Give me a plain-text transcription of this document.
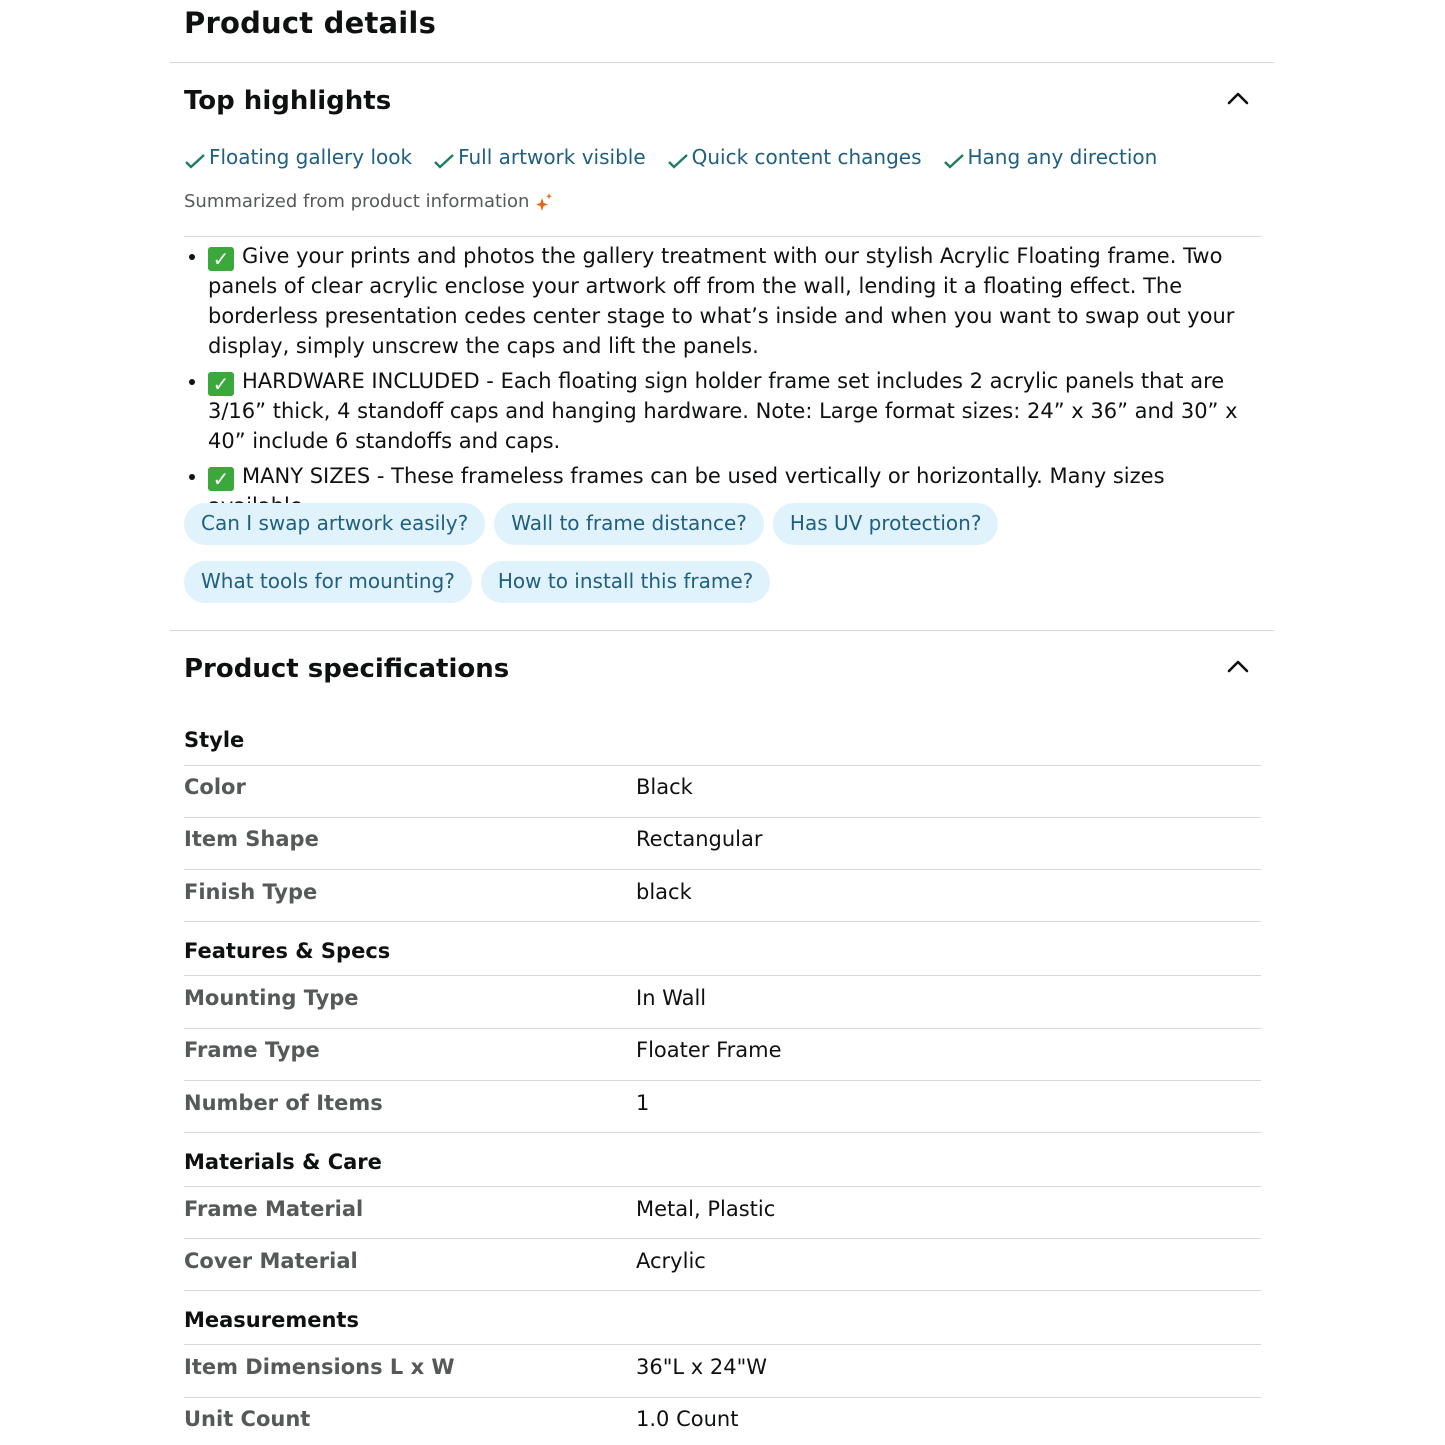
Product details
Top highlights
Floating gallery look Full artwork visible Quick content changes Hang any direction
Summarized from product information
• ✓ Give your prints and photos the gallery treatment with our stylish Acrylic Floating frame. Two panels of clear acrylic enclose your artwork off from the wall, lending it a floating effect. The borderless presentation cedes center stage to what’s inside and when you want to swap out your display, simply unscrew the caps and lift the panels.
• ✓ HARDWARE INCLUDED - Each floating sign holder frame set includes 2 acrylic panels that are 3/16” thick, 4 standoff caps and hanging hardware. Note: Large format sizes: 24” x 36” and 30” x 40” include 6 standoffs and caps.
• ✓ MANY SIZES - These frameless frames can be used vertically or horizontally. Many sizes
Can I swap artwork easily?	Wall to frame distance?	Has UV protection?
What tools for mounting?	How to install this frame?
Product specifications
Style
Color	Black
Item Shape	Rectangular
Finish Type	black
Features & Specs
Mounting Type	In Wall
Frame Type	Floater Frame
Number of Items	1
Materials & Care
Frame Material	Metal, Plastic
Cover Material	Acrylic
Measurements
Item Dimensions L x W	36"L x 24"W
Unit Count	1.0 Count
